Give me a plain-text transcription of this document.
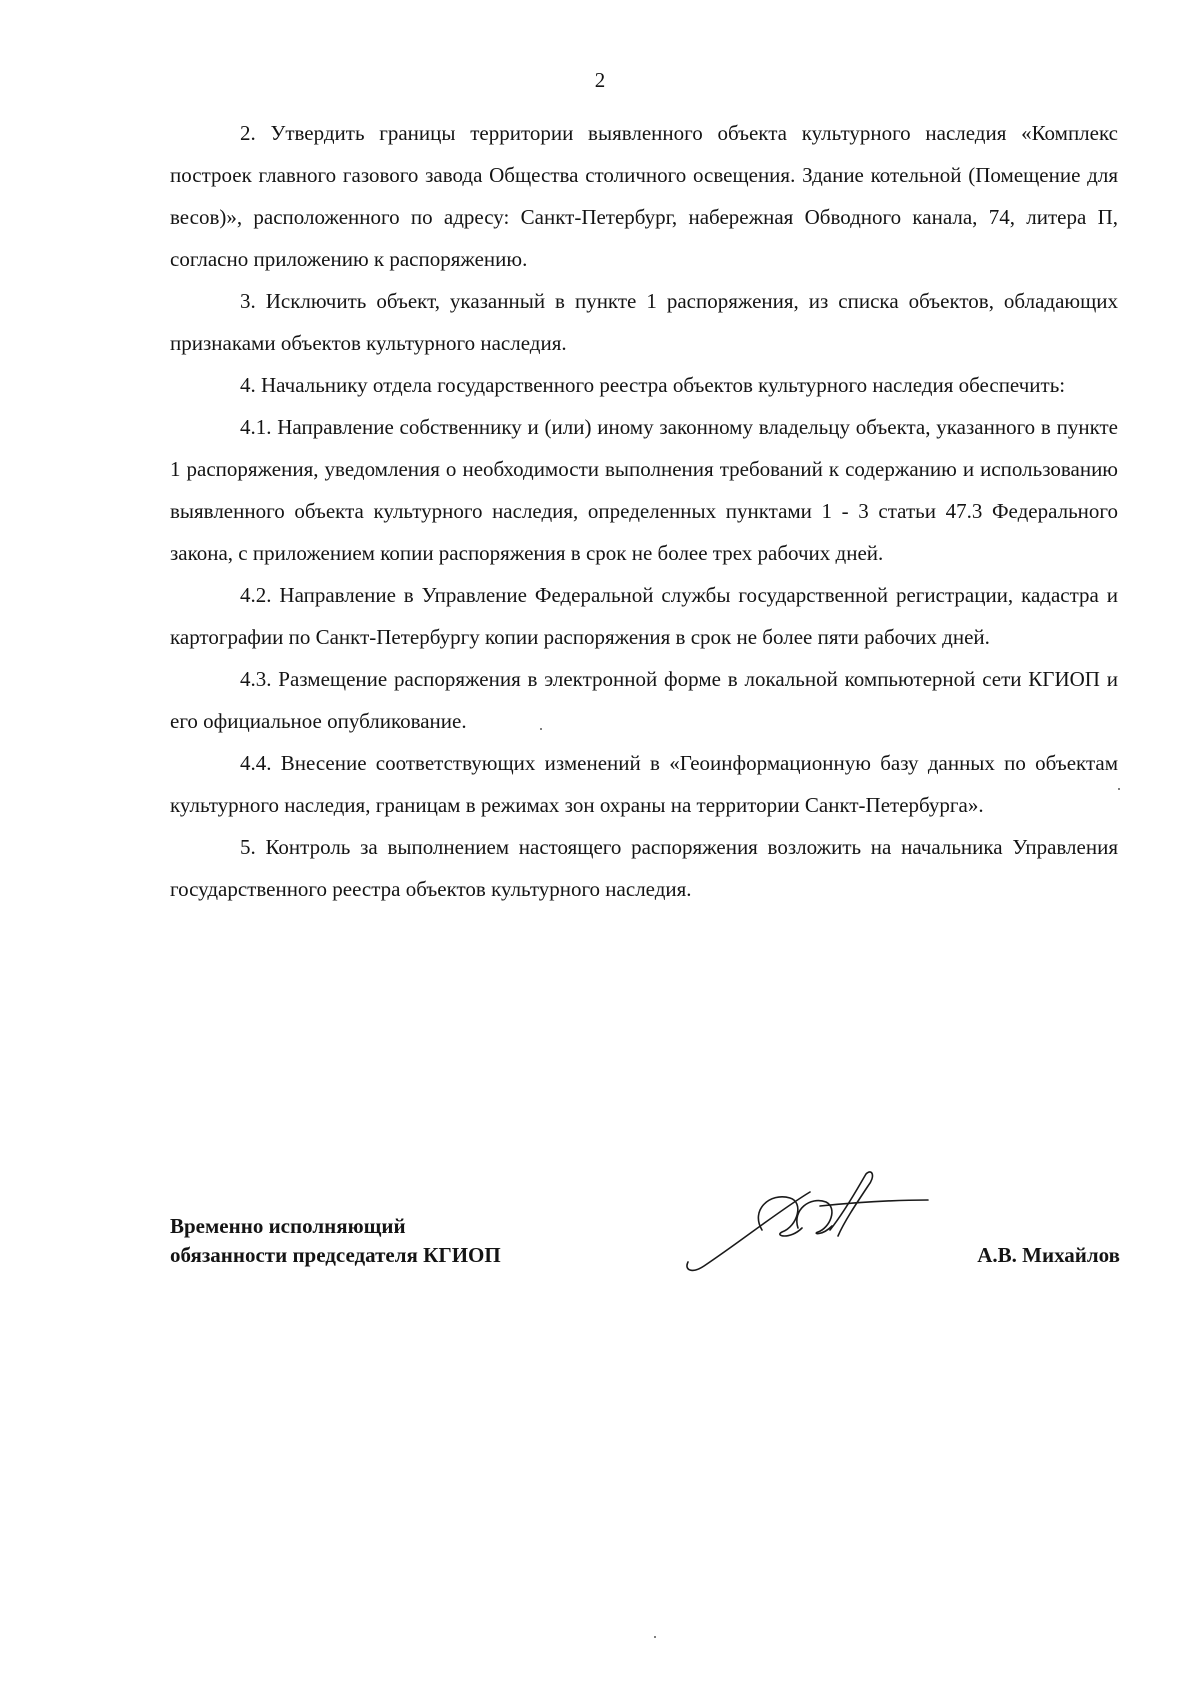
2

2. Утвердить границы территории выявленного объекта культурного наследия «Комплекс построек главного газового завода Общества столичного освещения. Здание котельной (Помещение для весов)», расположенного по адресу: Санкт-Петербург, набережная Обводного канала, 74, литера П, согласно приложению к распоряжению.

3. Исключить объект, указанный в пункте 1 распоряжения, из списка объектов, обладающих признаками объектов культурного наследия.

4. Начальнику отдела государственного реестра объектов культурного наследия обеспечить:

4.1. Направление собственнику и (или) иному законному владельцу объекта, указанного в пункте 1 распоряжения, уведомления о необходимости выполнения требований к содержанию и использованию выявленного объекта культурного наследия, определенных пунктами 1 - 3 статьи 47.3 Федерального закона, с приложением копии распоряжения в срок не более трех рабочих дней.

4.2. Направление в Управление Федеральной службы государственной регистрации, кадастра и картографии по Санкт-Петербургу копии распоряжения в срок не более пяти рабочих дней.

4.3. Размещение распоряжения в электронной форме в локальной компьютерной сети КГИОП и его официальное опубликование.

4.4. Внесение соответствующих изменений в «Геоинформационную базу данных по объектам культурного наследия, границам в режимах зон охраны на территории Санкт-Петербурга».

5. Контроль за выполнением настоящего распоряжения возложить на начальника Управления государственного реестра объектов культурного наследия.

Временно исполняющий
обязанности председателя КГИОП	А.В. Михайлов
